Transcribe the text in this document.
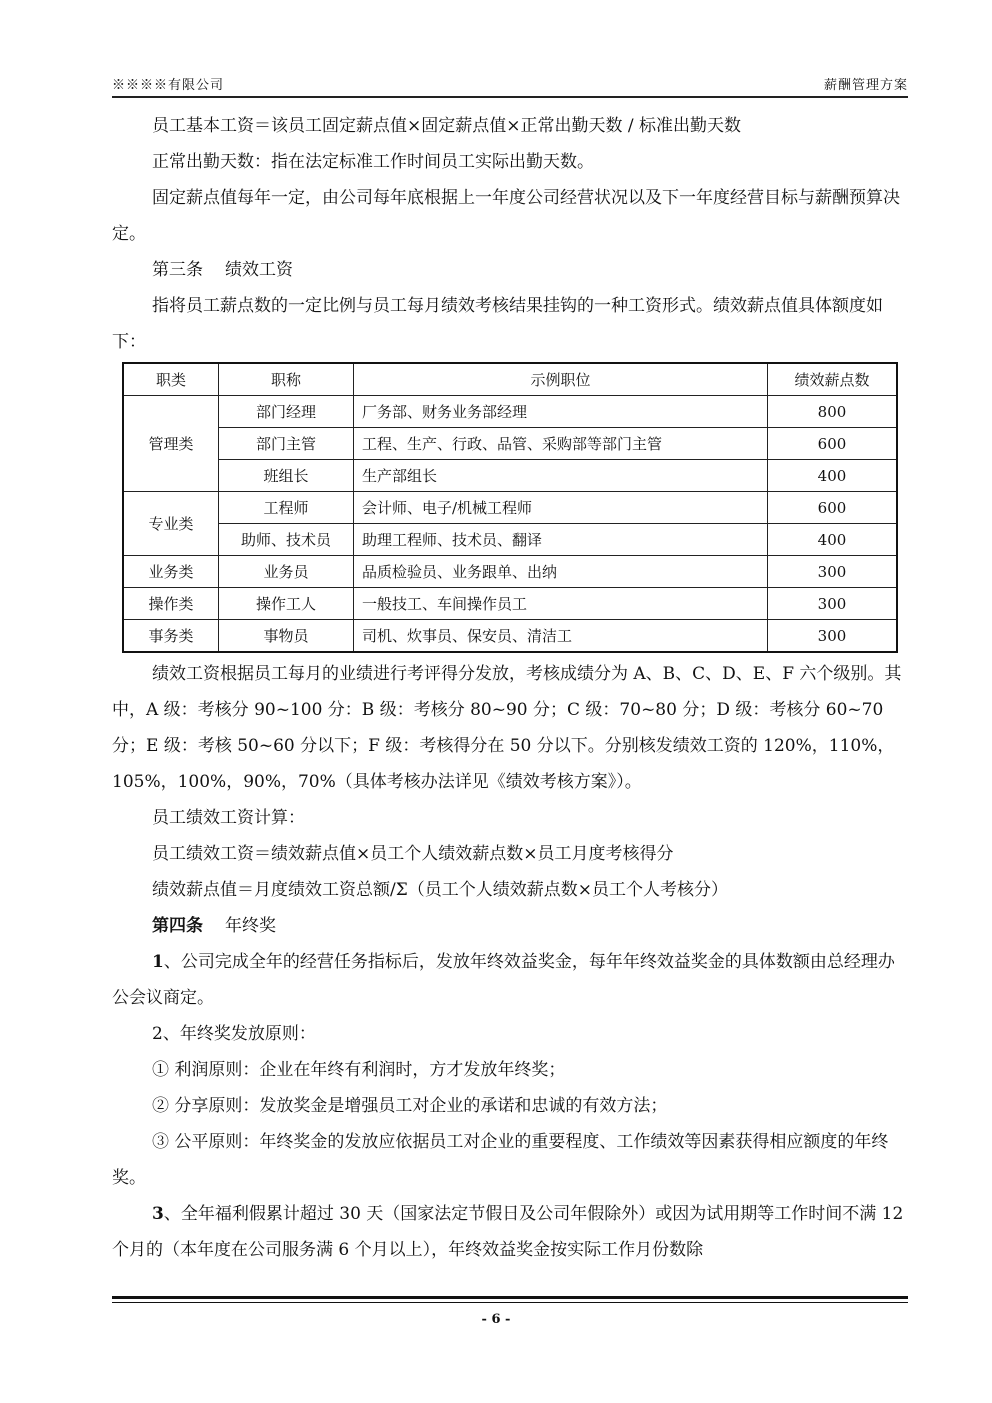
※※※※有限公司	薪酬管理方案

员工基本工资＝该员工固定薪点值×固定薪点值×正常出勤天数 / 标准出勤天数

正常出勤天数：指在法定标准工作时间员工实际出勤天数。

固定薪点值每年一定，由公司每年底根据上一年度公司经营状况以及下一年度经营目标与薪酬预算决定。

第三条 绩效工资

指将员工薪点数的一定比例与员工每月绩效考核结果挂钩的一种工资形式。绩效薪点值具体额度如下：

职类	职称	示例职位	绩效薪点数
管理类	部门经理	厂务部、财务业务部经理	800
	部门主管	工程、生产、行政、品管、采购部等部门主管	600
	班组长	生产部组长	400
专业类	工程师	会计师、电子/机械工程师	600
	助师、技术员	助理工程师、技术员、翻译	400
业务类	业务员	品质检验员、业务跟单、出纳	300
操作类	操作工人	一般技工、车间操作员工	300
事务类	事物员	司机、炊事员、保安员、清洁工	300

绩效工资根据员工每月的业绩进行考评得分发放，考核成绩分为 A、B、C、D、E、F 六个级别。其中，A 级：考核分 90~100 分：B 级：考核分 80~90 分；C 级：70~80 分；D 级：考核分 60~70 分；E 级：考核 50~60 分以下；F 级：考核得分在 50 分以下。分别核发绩效工资的 120%，110%，105%，100%，90%，70%（具体考核办法详见《绩效考核方案》）。

员工绩效工资计算：

员工绩效工资＝绩效薪点值×员工个人绩效薪点数×员工月度考核得分

绩效薪点值＝月度绩效工资总额/Σ（员工个人绩效薪点数×员工个人考核分）

第四条 年终奖

1、公司完成全年的经营任务指标后，发放年终效益奖金，每年年终效益奖金的具体数额由总经理办公会议商定。

2、年终奖发放原则：

① 利润原则：企业在年终有利润时，方才发放年终奖；

② 分享原则：发放奖金是增强员工对企业的承诺和忠诚的有效方法；

③ 公平原则：年终奖金的发放应依据员工对企业的重要程度、工作绩效等因素获得相应额度的年终奖。

3、全年福利假累计超过 30 天（国家法定节假日及公司年假除外）或因为试用期等工作时间不满 12 个月的（本年度在公司服务满 6 个月以上），年终效益奖金按实际工作月份数除

- 6 -
